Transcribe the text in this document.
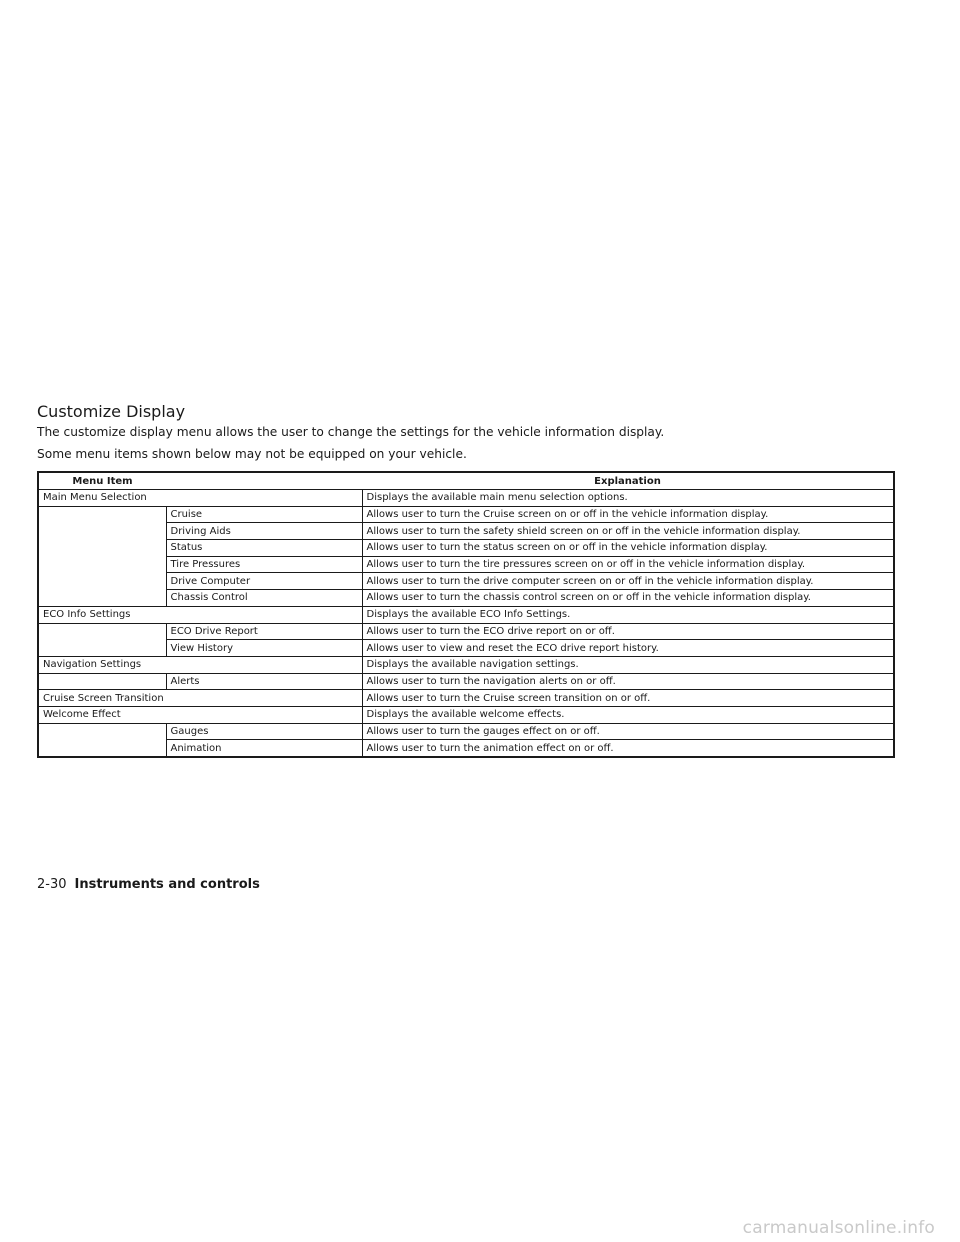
Customize Display

The customize display menu allows the user to change the settings for the vehicle information display.

Some menu items shown below may not be equipped on your vehicle.

Menu Item		Explanation
Main Menu Selection		Displays the available main menu selection options.
	Cruise	Allows user to turn the Cruise screen on or off in the vehicle information display.
	Driving Aids	Allows user to turn the safety shield screen on or off in the vehicle information display.
	Status	Allows user to turn the status screen on or off in the vehicle information display.
	Tire Pressures	Allows user to turn the tire pressures screen on or off in the vehicle information display.
	Drive Computer	Allows user to turn the drive computer screen on or off in the vehicle information display.
	Chassis Control	Allows user to turn the chassis control screen on or off in the vehicle information display.
ECO Info Settings		Displays the available ECO Info Settings.
	ECO Drive Report	Allows user to turn the ECO drive report on or off.
	View History	Allows user to view and reset the ECO drive report history.
Navigation Settings		Displays the available navigation settings.
	Alerts	Allows user to turn the navigation alerts on or off.
Cruise Screen Transition		Allows user to turn the Cruise screen transition on or off.
Welcome Effect		Displays the available welcome effects.
	Gauges	Allows user to turn the gauges effect on or off.
	Animation	Allows user to turn the animation effect on or off.
2-30 Instruments and controls
carmanualsonline.info
